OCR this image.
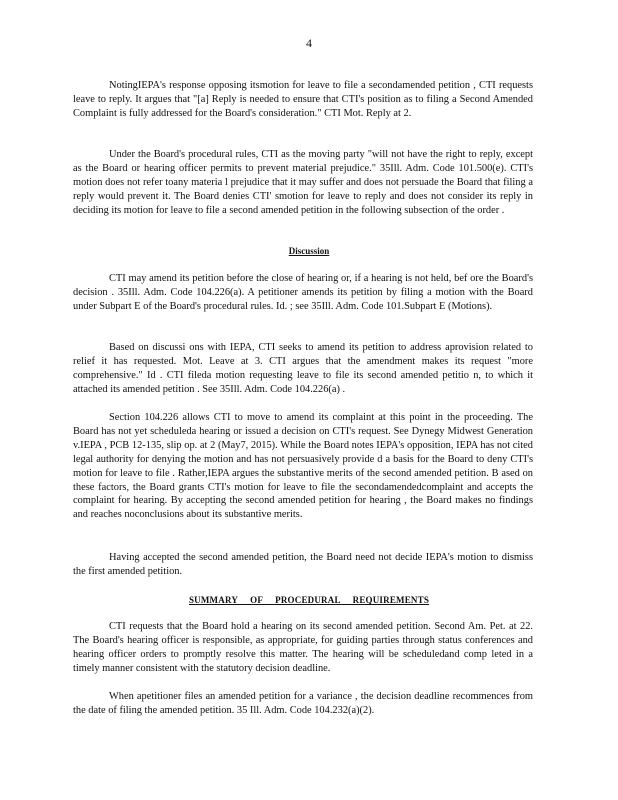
4

NotingIEPA's response opposing itsmotion for leave to file a secondamended petition , CTI requests leave to reply. It argues that "[a] Reply is needed to ensure that CTI's position as to filing a Second Amended Complaint is fully addressed for the Board's consideration." CTI Mot. Reply at 2.

Under the Board's procedural rules, CTI as the moving party "will not have the right to reply, except as the Board or hearing officer permits to prevent material prejudice." 35Ill. Adm. Code 101.500(e). CTI's motion does not refer toany materia l prejudice that it may suffer and does not persuade the Board that filing a reply would prevent it. The Board denies CTI' smotion for leave to reply and does not consider its reply in deciding its motion for leave to file a second amended petition in the following subsection of the order .

Discussion

CTI may amend its petition before the close of hearing or, if a hearing is not held, bef ore the Board's decision . 35Ill. Adm. Code 104.226(a). A petitioner amends its petition by filing a motion with the Board under Subpart E of the Board's procedural rules. Id. ; see 35Ill. Adm. Code 101.Subpart E (Motions).

Based on discussi ons with IEPA, CTI seeks to amend its petition to address aprovision related to relief it has requested. Mot. Leave at 3. CTI argues that the amendment makes its request "more comprehensive." Id . CTI fileda motion requesting leave to file its second amended petitio n, to which it attached its amended petition . See 35Ill. Adm. Code 104.226(a) .

Section 104.226 allows CTI to move to amend its complaint at this point in the proceeding. The Board has not yet scheduleda hearing or issued a decision on CTI's request. See Dynegy Midwest Generation v.IEPA , PCB 12-135, slip op. at 2 (May7, 2015). While the Board notes IEPA's opposition, IEPA has not cited legal authority for denying the motion and has not persuasively provide d a basis for the Board to deny CTI's motion for leave to file . Rather,IEPA argues the substantive merits of the second amended petition. B ased on these factors, the Board grants CTI's motion for leave to file the secondamendedcomplaint and accepts the complaint for hearing. By accepting the second amended petition for hearing , the Board makes no findings and reaches noconclusions about its substantive merits.

Having accepted the second amended petition, the Board need not decide IEPA's motion to dismiss the first amended petition.

SUMMARY OF PROCEDURAL REQUIREMENTS

CTI requests that the Board hold a hearing on its second amended petition. Second Am. Pet. at 22. The Board's hearing officer is responsible, as appropriate, for guiding parties through status conferences and hearing officer orders to promptly resolve this matter. The hearing will be scheduledand comp leted in a timely manner consistent with the statutory decision deadline.

When apetitioner files an amended petition for a variance , the decision deadline recommences from the date of filing the amended petition. 35 Ill. Adm. Code 104.232(a)(2).
